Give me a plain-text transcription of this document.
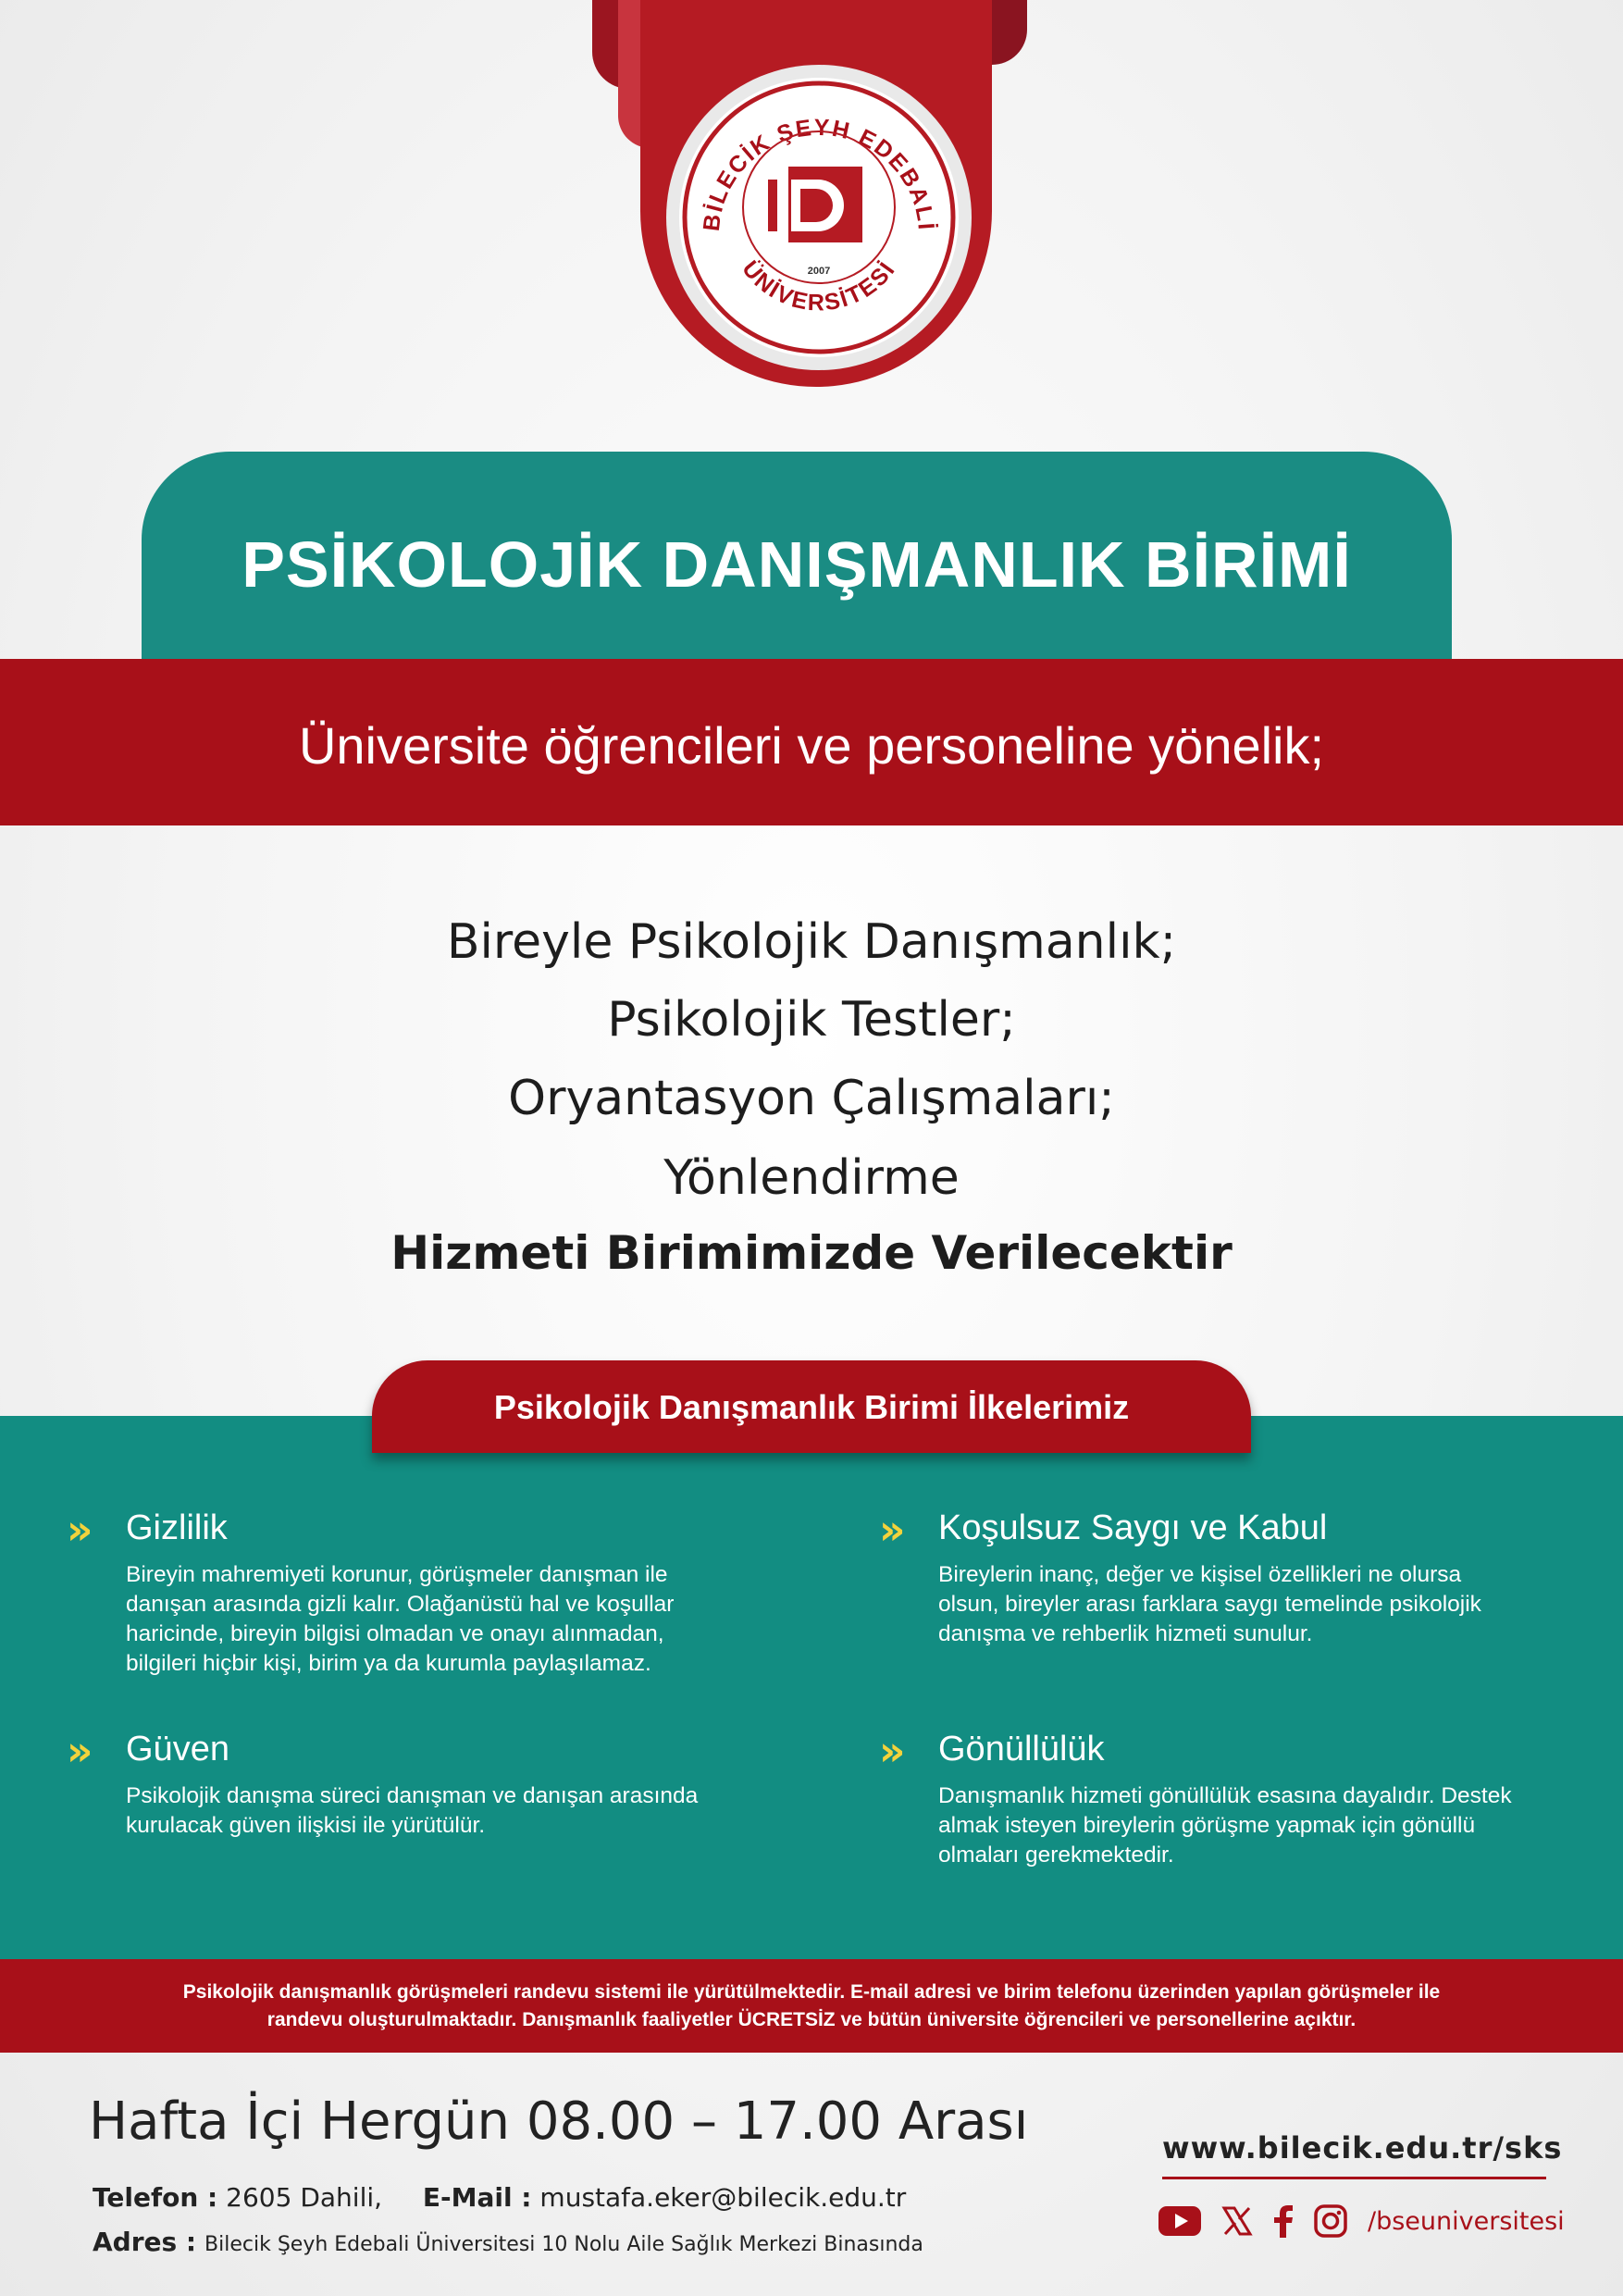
BİLECİK ŞEYH EDEBALİ
ÜNİVERSİTESİ
2007
PSİKOLOJİK DANIŞMANLIK BİRİMİ
Üniversite öğrencileri ve personeline yönelik;
Bireyle Psikolojik Danışmanlık;
Psikolojik Testler;
Oryantasyon Çalışmaları;
Yönlendirme
Hizmeti Birimimizde Verilecektir
Psikolojik Danışmanlık Birimi İlkelerimiz
» Gizlilik
Bireyin mahremiyeti korunur, görüşmeler danışman ile
danışan arasında gizli kalır. Olağanüstü hal ve koşullar
haricinde, bireyin bilgisi olmadan ve onayı alınmadan,
bilgileri hiçbir kişi, birim ya da kurumla paylaşılamaz.
» Koşulsuz Saygı ve Kabul
Bireylerin inanç, değer ve kişisel özellikleri ne olursa
olsun, bireyler arası farklara saygı temelinde psikolojik
danışma ve rehberlik hizmeti sunulur.
» Güven
Psikolojik danışma süreci danışman ve danışan arasında
kurulacak güven ilişkisi ile yürütülür.
» Gönüllülük
Danışmanlık hizmeti gönüllülük esasına dayalıdır. Destek
almak isteyen bireylerin görüşme yapmak için gönüllü
olmaları gerekmektedir.
Psikolojik danışmanlık görüşmeleri randevu sistemi ile yürütülmektedir. E-mail adresi ve birim telefonu üzerinden yapılan görüşmeler ile
randevu oluşturulmaktadır. Danışmanlık faaliyetler ÜCRETSİZ ve bütün üniversite öğrencileri ve personellerine açıktır.
Hafta İçi Hergün 08.00 – 17.00 Arası
Telefon : 2605 Dahili, E-Mail : mustafa.eker@bilecik.edu.tr
Adres : Bilecik Şeyh Edebali Üniversitesi 10 Nolu Aile Sağlık Merkezi Binasında
www.bilecik.edu.tr/sks
/bseuniversitesi
